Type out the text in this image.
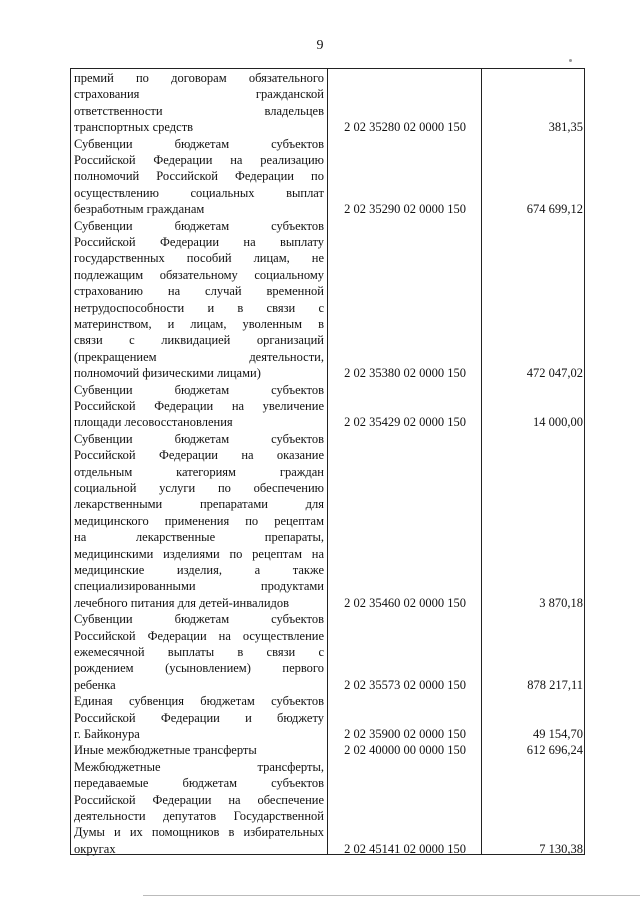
9
премий по договорам обязательного
страхования гражданской
ответственности владельцев
транспортных средств	2 02 35280 02 0000 150	381,35
Субвенции бюджетам субъектов
Российской Федерации на реализацию
полномочий Российской Федерации по
осуществлению социальных выплат
безработным гражданам	2 02 35290 02 0000 150	674 699,12
Субвенции бюджетам субъектов
Российской Федерации на выплату
государственных пособий лицам, не
подлежащим обязательному социальному
страхованию на случай временной
нетрудоспособности и в связи с
материнством, и лицам, уволенным в
связи с ликвидацией организаций
(прекращением деятельности,
полномочий физическими лицами)	2 02 35380 02 0000 150	472 047,02
Субвенции бюджетам субъектов
Российской Федерации на увеличение
площади лесовосстановления	2 02 35429 02 0000 150	14 000,00
Субвенции бюджетам субъектов
Российской Федерации на оказание
отдельным категориям граждан
социальной услуги по обеспечению
лекарственными препаратами для
медицинского применения по рецептам
на лекарственные препараты,
медицинскими изделиями по рецептам на
медицинские изделия, а также
специализированными продуктами
лечебного питания для детей-инвалидов	2 02 35460 02 0000 150	3 870,18
Субвенции бюджетам субъектов
Российской Федерации на осуществление
ежемесячной выплаты в связи с
рождением (усыновлением) первого
ребенка	2 02 35573 02 0000 150	878 217,11
Единая субвенция бюджетам субъектов
Российской Федерации и бюджету
г. Байконура	2 02 35900 02 0000 150	49 154,70
Иные межбюджетные трансферты	2 02 40000 00 0000 150	612 696,24
Межбюджетные трансферты,
передаваемые бюджетам субъектов
Российской Федерации на обеспечение
деятельности депутатов Государственной
Думы и их помощников в избирательных
округах	2 02 45141 02 0000 150	7 130,38
